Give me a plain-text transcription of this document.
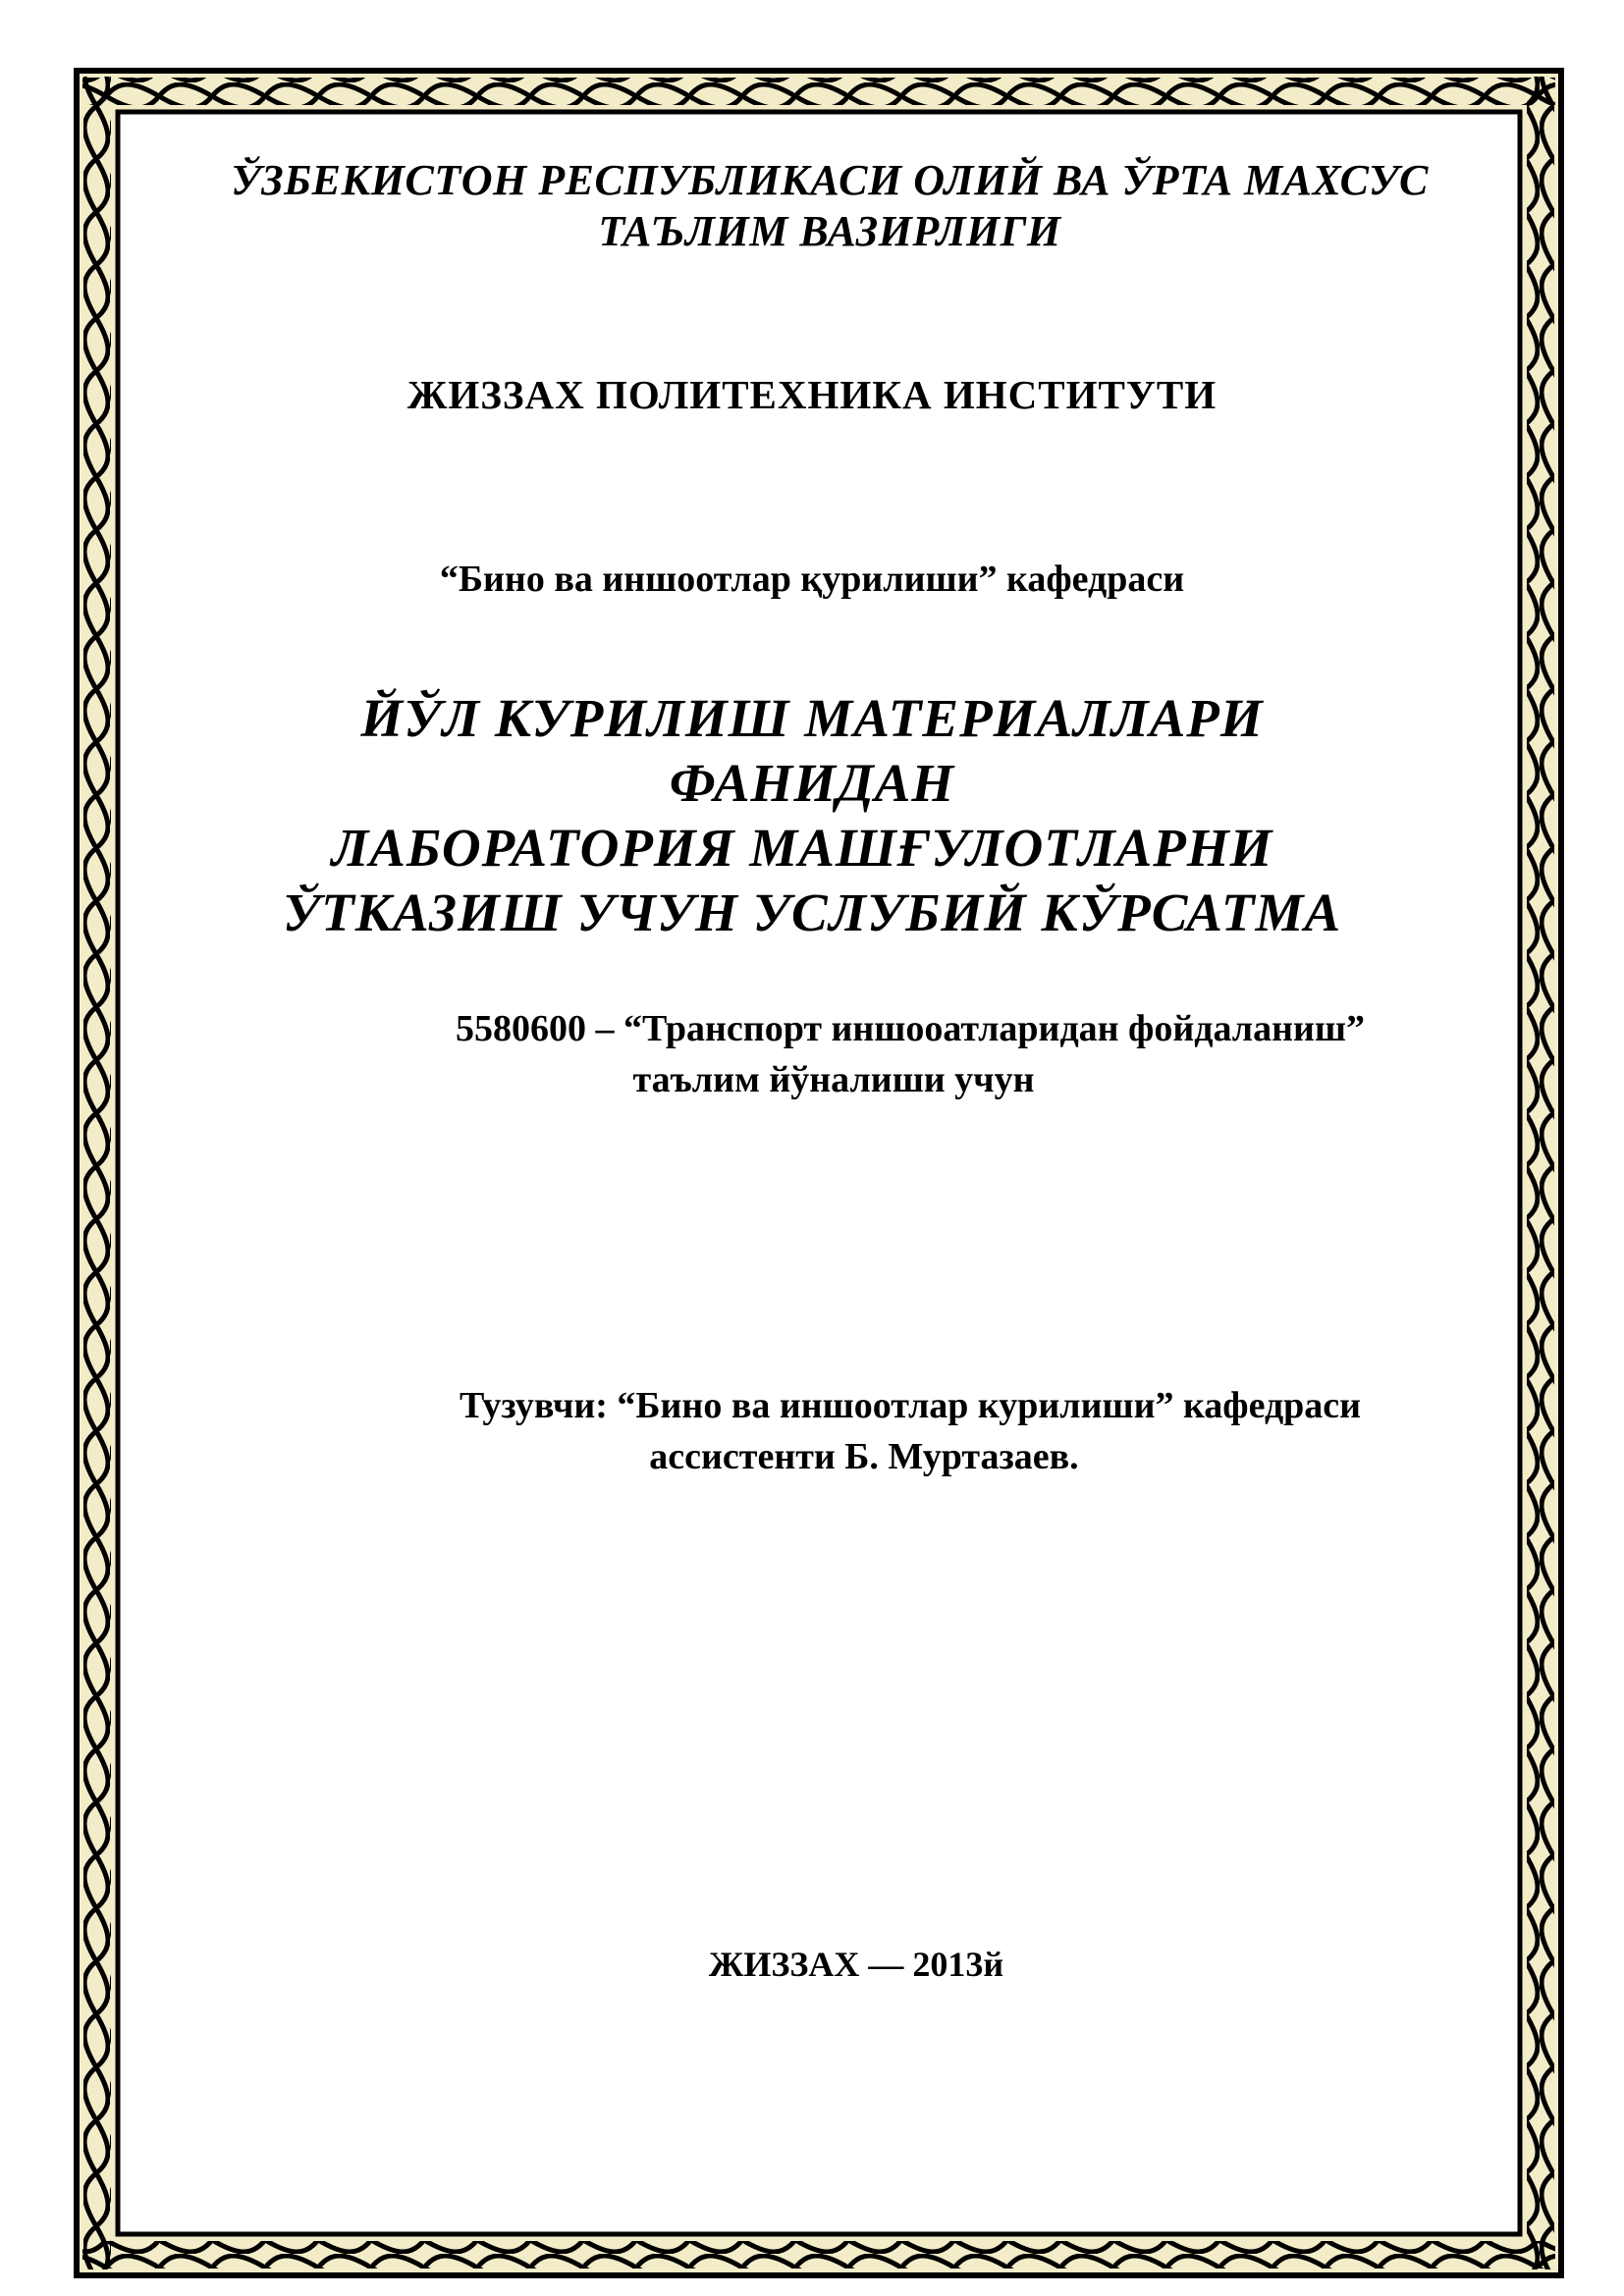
ЎЗБЕКИСТОН РЕСПУБЛИКАСИ ОЛИЙ ВА ЎРТА МАХСУС
ТАЪЛИМ ВАЗИРЛИГИ
ЖИЗЗАХ ПОЛИТЕХНИКА ИНСТИТУТИ
“Бино ва иншоотлар қурилиши” кафедраси
ЙЎЛ КУРИЛИШ МАТЕРИАЛЛАРИ
ФАНИДАН
ЛАБОРАТОРИЯ МАШҒУЛОТЛАРНИ
ЎТКАЗИШ УЧУН УСЛУБИЙ КЎРСАТМА
5580600 – “Транспорт иншооатларидан фойдаланиш”
таълим йўналиши учун
Тузувчи: “Бино ва иншоотлар курилиши” кафедраси
ассистенти Б. Муртазаев.
ЖИЗЗАХ — 2013й
